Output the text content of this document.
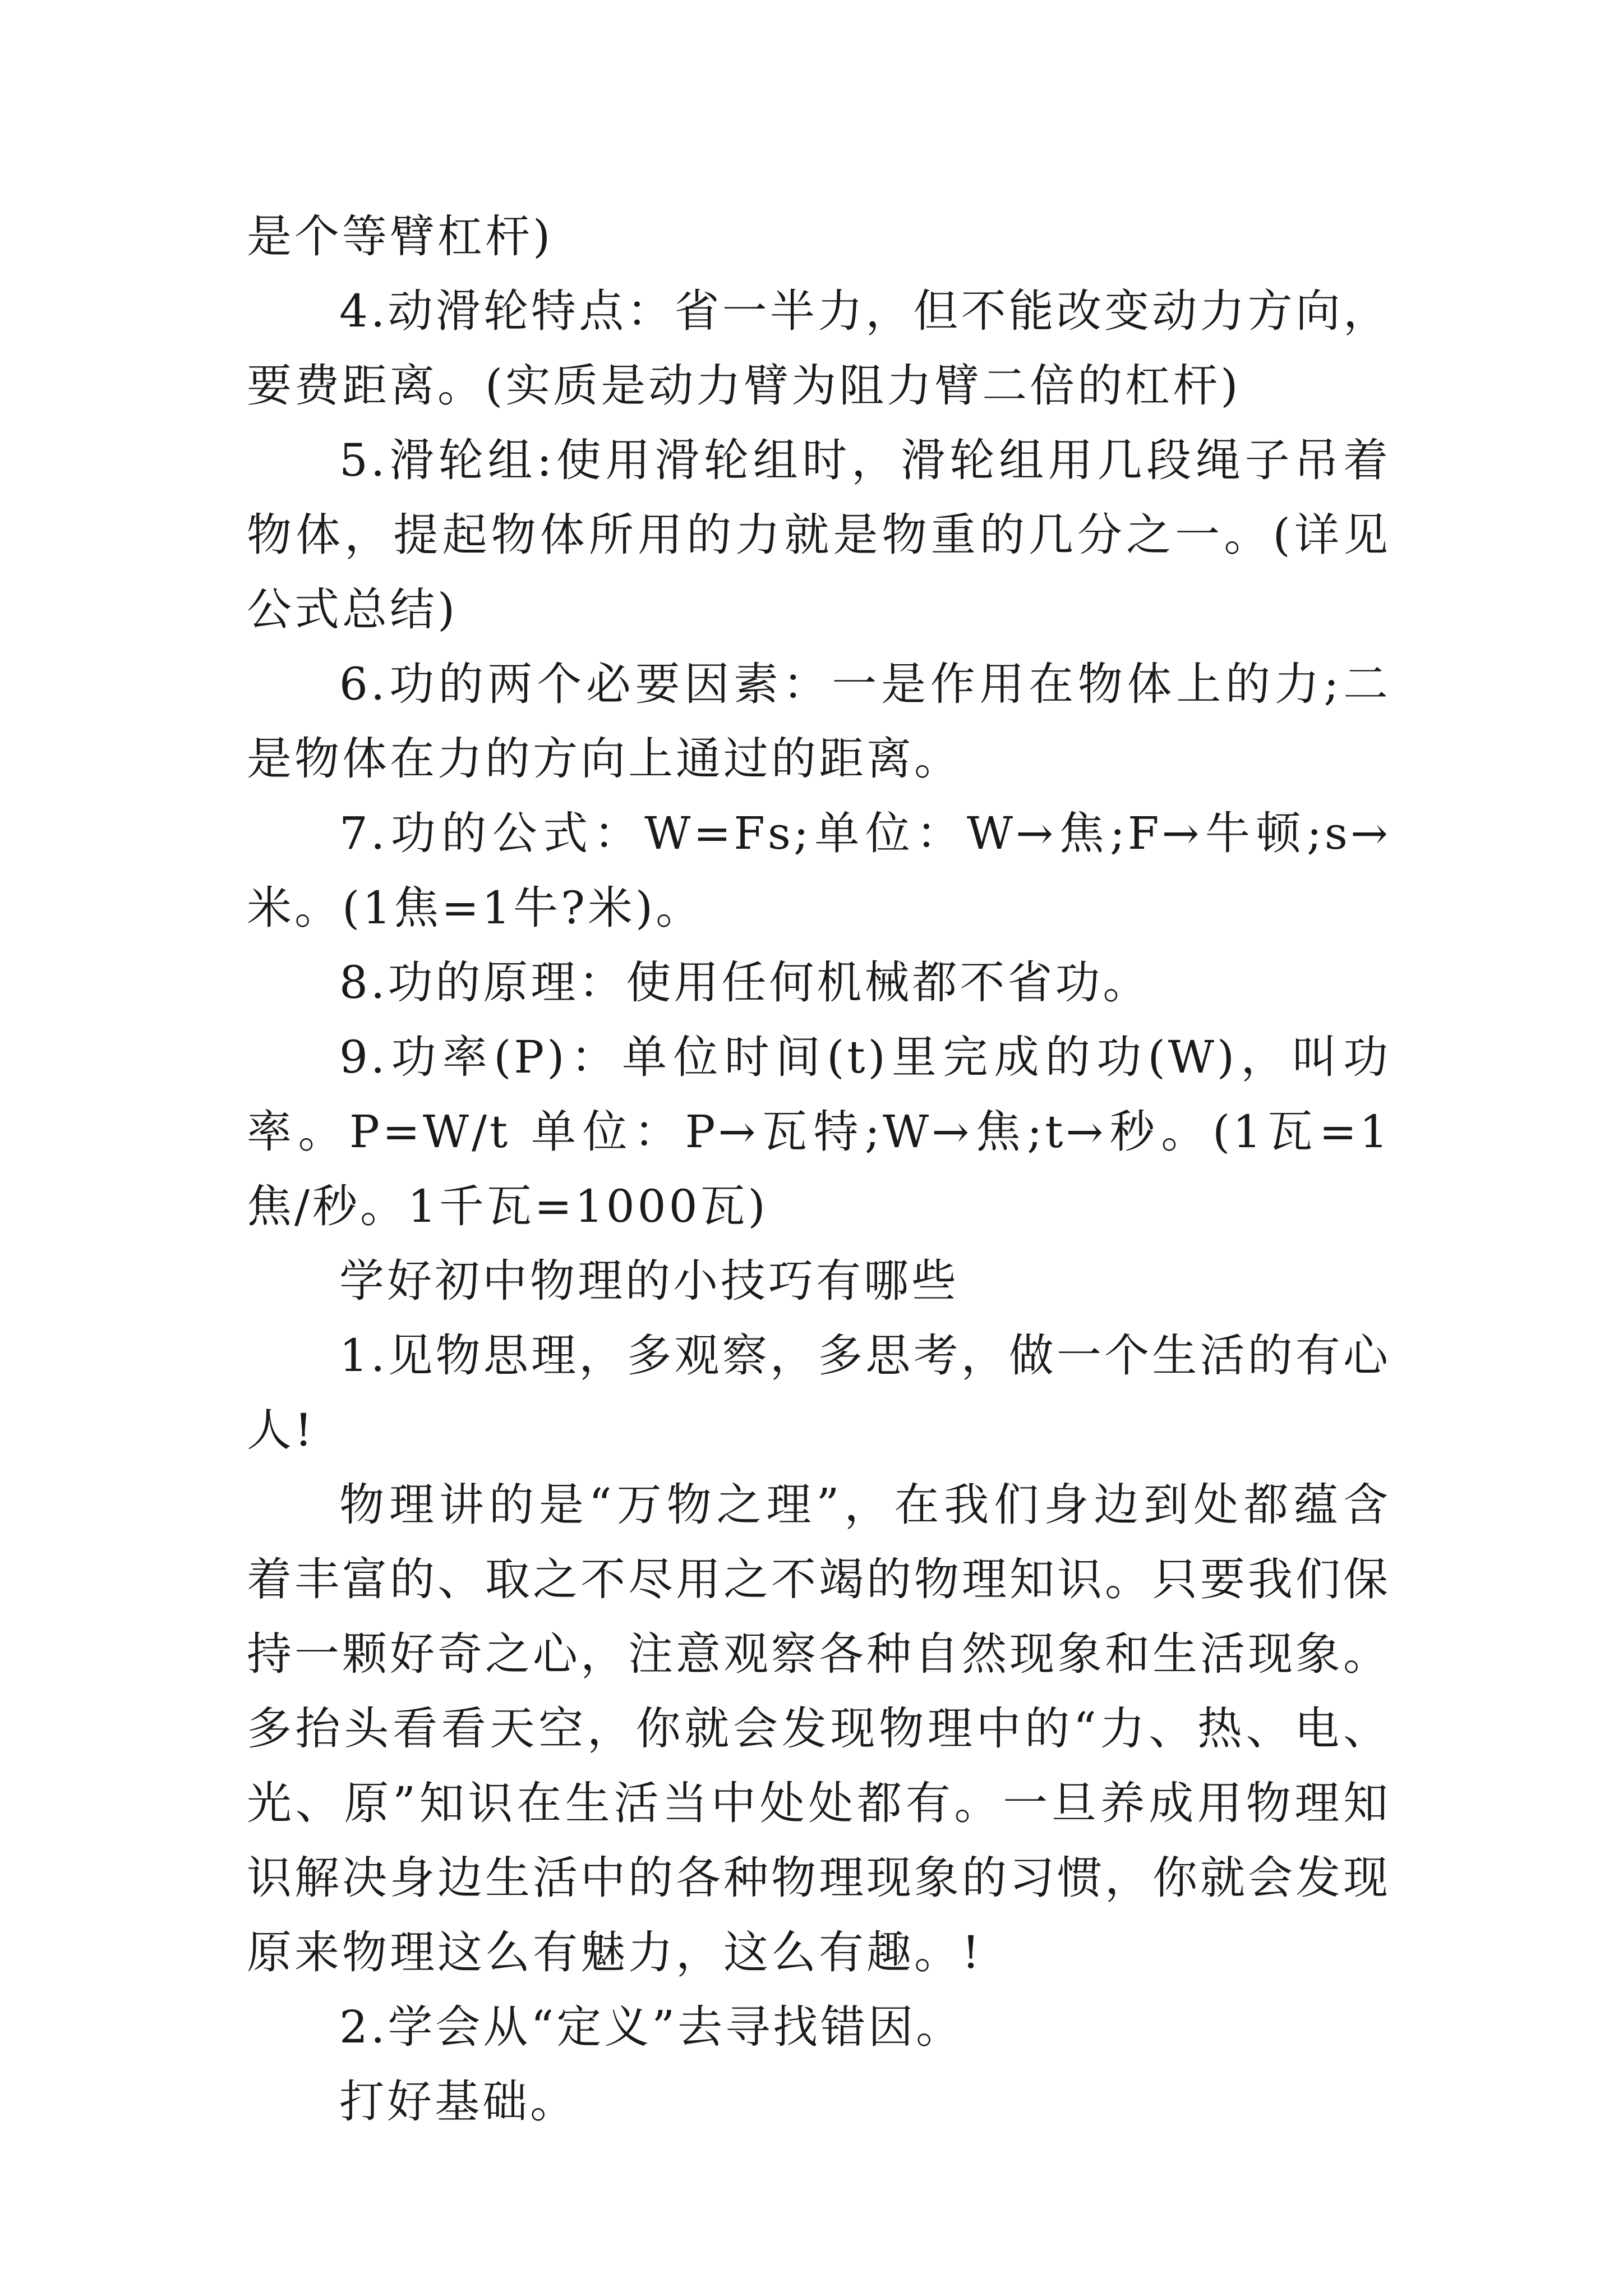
是个等臂杠杆)

4.动滑轮特点：省一半力，但不能改变动力方向，要费距离。(实质是动力臂为阻力臂二倍的杠杆)

5.滑轮组:使用滑轮组时，滑轮组用几段绳子吊着物体，提起物体所用的力就是物重的几分之一。(详见公式总结)

6.功的两个必要因素：一是作用在物体上的力;二是物体在力的方向上通过的距离。

7.功的公式：W=Fs;单位：W→焦;F→牛顿;s→米。(1焦=1牛?米)。

8.功的原理：使用任何机械都不省功。

9.功率(P)：单位时间(t)里完成的功(W)，叫功率。P=W/t 单位：P→瓦特;W→焦;t→秒。(1瓦=1焦/秒。1千瓦=1000瓦)

学好初中物理的小技巧有哪些

1.见物思理，多观察，多思考，做一个生活的有心人!

物理讲的是“万物之理”，在我们身边到处都蕴含着丰富的、取之不尽用之不竭的物理知识。只要我们保持一颗好奇之心，注意观察各种自然现象和生活现象。多抬头看看天空，你就会发现物理中的“力、热、电、光、原”知识在生活当中处处都有。一旦养成用物理知识解决身边生活中的各种物理现象的习惯，你就会发现原来物理这么有魅力，这么有趣。!

2.学会从“定义”去寻找错因。

打好基础。
